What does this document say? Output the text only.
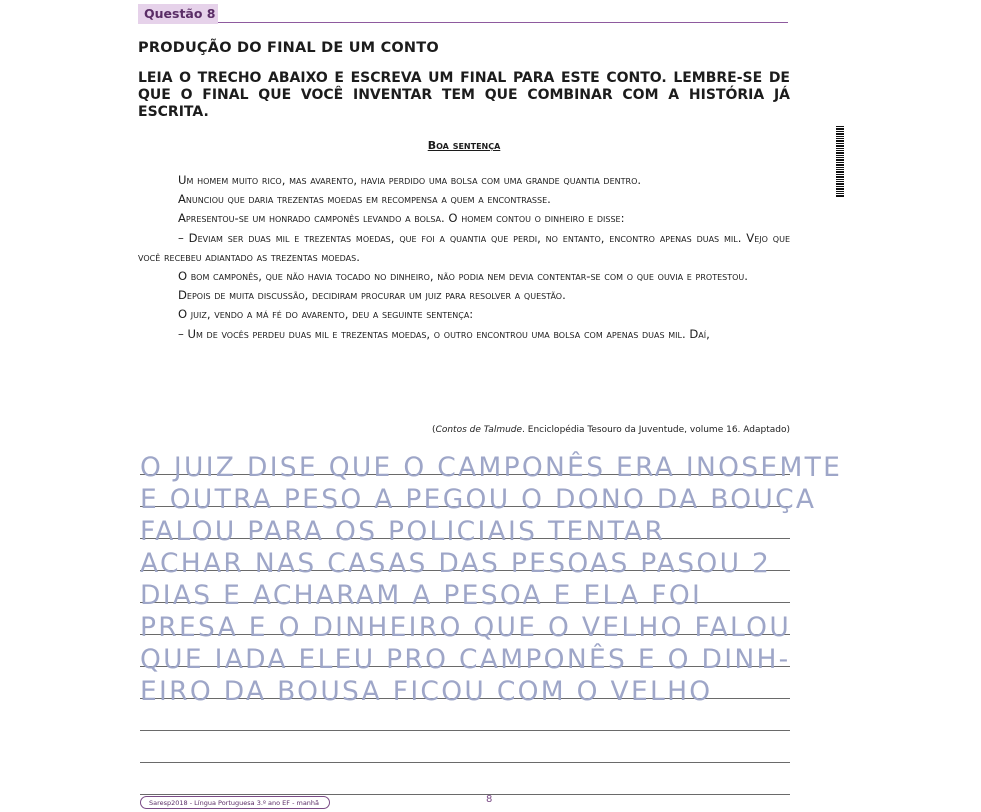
Questão 8
PRODUÇÃO DO FINAL DE UM CONTO

LEIA O TRECHO ABAIXO E ESCREVA UM FINAL PARA ESTE CONTO. LEMBRE-SE DE QUE O FINAL QUE VOCÊ INVENTAR TEM QUE COMBINAR COM A HISTÓRIA JÁ ESCRITA.

Boa sentença

Um homem muito rico, mas avarento, havia perdido uma bolsa com uma grande quantia dentro.

Anunciou que daria trezentas moedas em recompensa a quem a encontrasse.

Apresentou-se um honrado camponês levando a bolsa. O homem contou o dinheiro e disse:

– Deviam ser duas mil e trezentas moedas, que foi a quantia que perdi, no entanto, encontro apenas duas mil. Vejo que você recebeu adiantado as trezentas moedas.

O bom camponês, que não havia tocado no dinheiro, não podia nem devia contentar-se com o que ouvia e protestou.

Depois de muita discussão, decidiram procurar um juiz para resolver a questão.

O juiz, vendo a má fé do avarento, deu a seguinte sentença:

– Um de vocês perdeu duas mil e trezentas moedas, o outro encontrou uma bolsa com apenas duas mil. Daí,

(Contos de Talmude. Enciclopédia Tesouro da Juventude, volume 16. Adaptado)
O JUIZ DISE QUE O CAMPONÊS ERA INOSEMTE
E OUTRA PESO A PEGOU O DONO DA BOUÇA
FALOU PARA OS POLICIAIS TENTAR
ACHAR NAS CASAS DAS PESOAS PASOU 2
DIAS E ACHARAM A PESOA E ELA FOI
PRESA E O DINHEIRO QUE O VELHO FALOU
QUE IADA ELEU PRO CAMPONÊS E O DINH-
EIRO DA BOUSA FICOU COM O VELHO
Saresp2018 - Língua Portuguesa 3.º ano EF - manhã	8
